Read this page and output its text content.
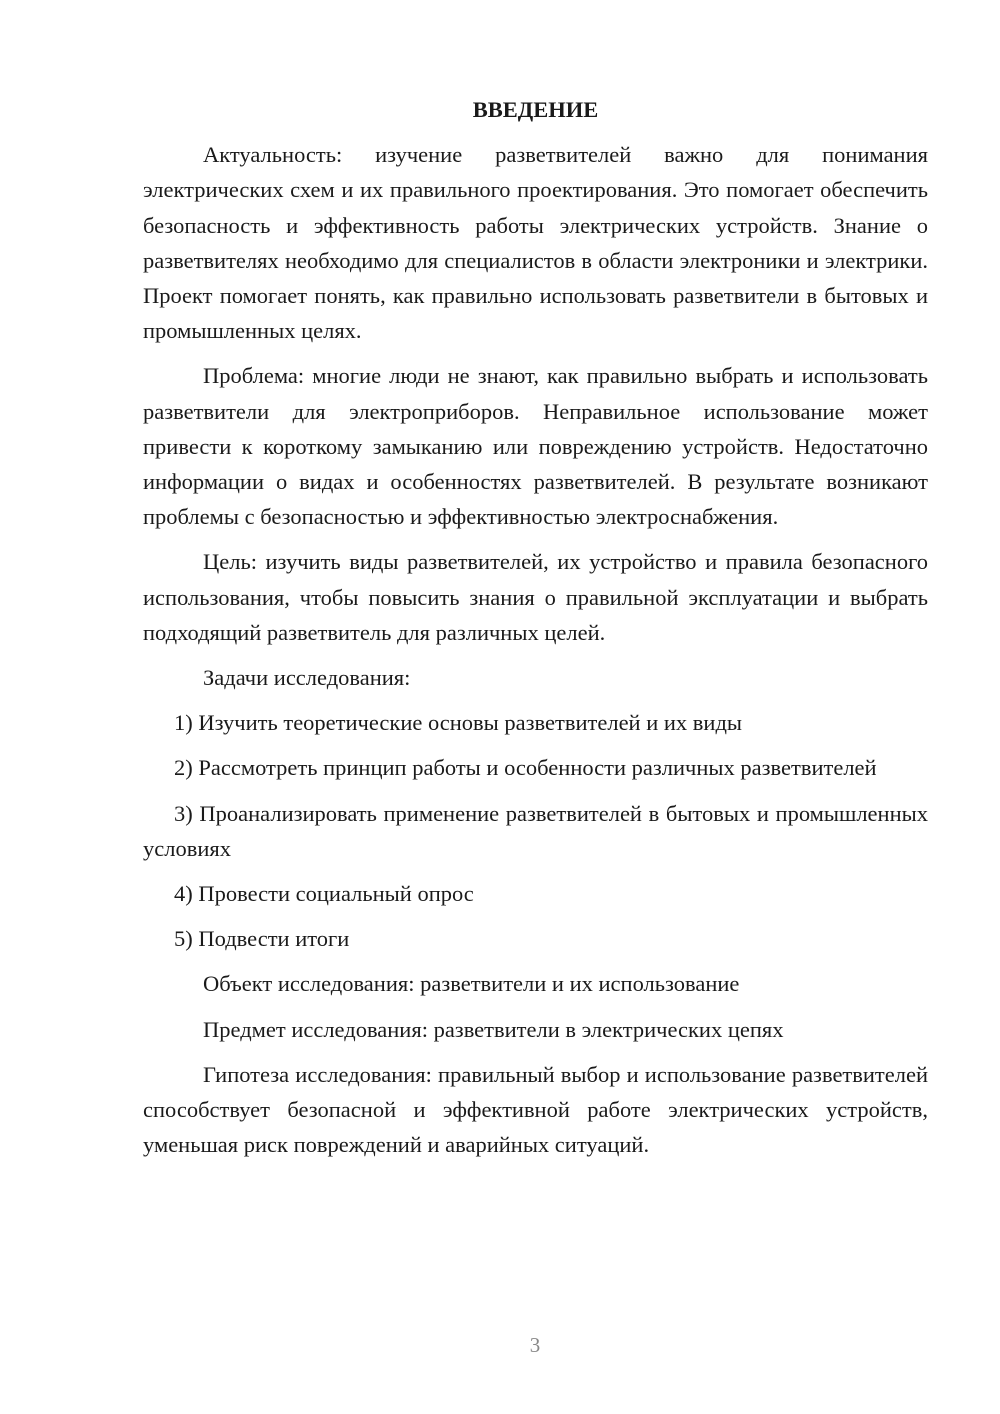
ВВЕДЕНИЕ

Актуальность: изучение разветвителей важно для понимания электрических схем и их правильного проектирования. Это помогает обеспечить безопасность и эффективность работы электрических устройств. Знание о разветвителях необходимо для специалистов в области электроники и электрики. Проект помогает понять, как правильно использовать разветвители в бытовых и промышленных целях.

Проблема: многие люди не знают, как правильно выбрать и использовать разветвители для электроприборов. Неправильное использование может привести к короткому замыканию или повреждению устройств. Недостаточно информации о видах и особенностях разветвителей. В результате возникают проблемы с безопасностью и эффективностью электроснабжения.

Цель: изучить виды разветвителей, их устройство и правила безопасного использования, чтобы повысить знания о правильной эксплуатации и выбрать подходящий разветвитель для различных целей.

Задачи исследования:

1) Изучить теоретические основы разветвителей и их виды

2) Рассмотреть принцип работы и особенности различных разветвителей

3) Проанализировать применение разветвителей в бытовых и промышленных условиях

4) Провести социальный опрос

5) Подвести итоги

Объект исследования: разветвители и их использование

Предмет исследования: разветвители в электрических цепях

Гипотеза исследования: правильный выбор и использование разветвителей способствует безопасной и эффективной работе электрических устройств, уменьшая риск повреждений и аварийных ситуаций.

3
